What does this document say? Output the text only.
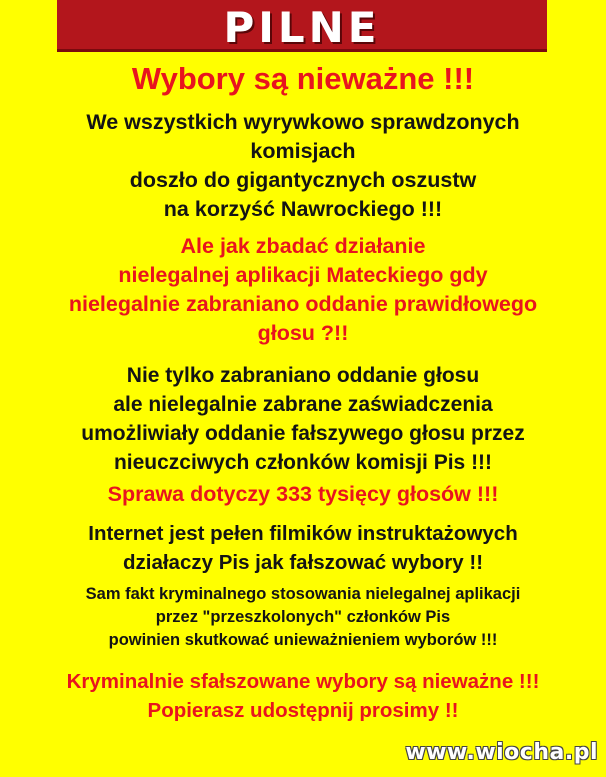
PILNE
Wybory są nieważne !!!
We wszystkich wyrywkowo sprawdzonych
komisjach
doszło do gigantycznych oszustw
na korzyść Nawrockiego !!!
Ale jak zbadać działanie
nielegalnej aplikacji Mateckiego gdy
nielegalnie zabraniano oddanie prawidłowego
głosu ?!!
Nie tylko zabraniano oddanie głosu
ale nielegalnie zabrane zaświadczenia
umożliwiały oddanie fałszywego głosu przez
nieuczciwych członków komisji Pis !!!
Sprawa dotyczy 333 tysięcy głosów !!!
Internet jest pełen filmików instruktażowych
działaczy Pis jak fałszować wybory !!
Sam fakt kryminalnego stosowania nielegalnej aplikacji
przez "przeszkolonych" członków Pis
powinien skutkować unieważnieniem wyborów !!!
Kryminalnie sfałszowane wybory są nieważne !!!
Popierasz udostępnij prosimy !!
www.wiocha.pl
